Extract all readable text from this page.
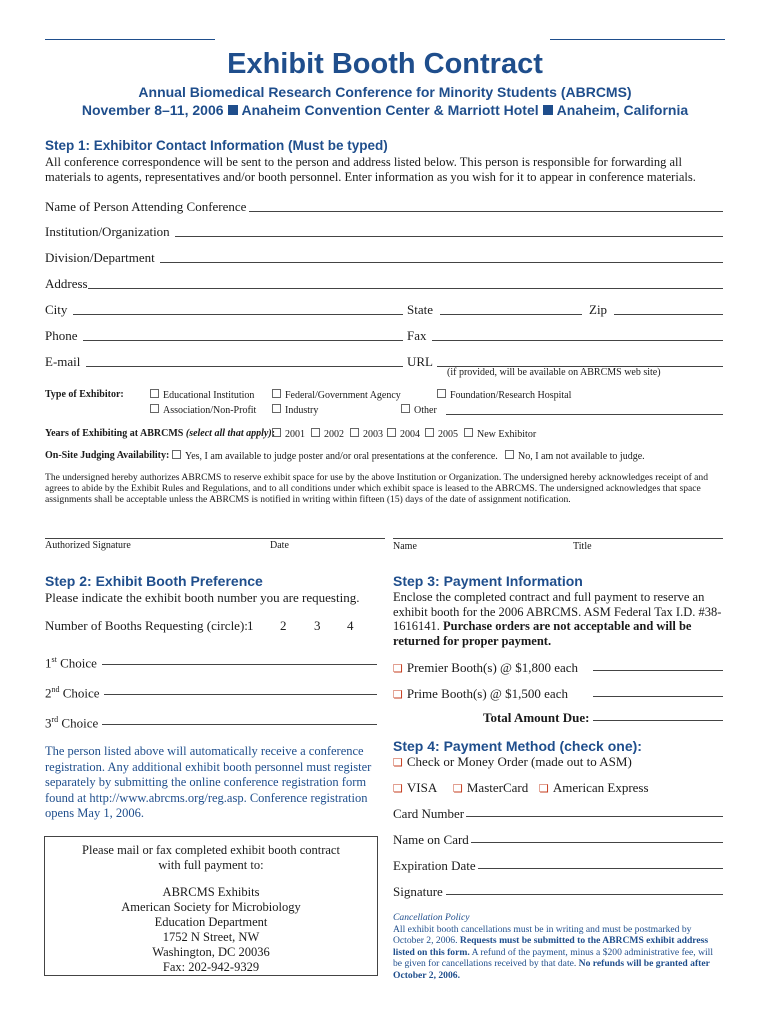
Exhibit Booth Contract
Annual Biomedical Research Conference for Minority Students (ABRCMS)
November 8–11, 2006 Anaheim Convention Center & Marriott Hotel Anaheim, California
Step 1: Exhibitor Contact Information (Must be typed)
All conference correspondence will be sent to the person and address listed below. This person is responsible for forwarding all materials to agents, representatives and/or booth personnel. Enter information as you wish for it to appear in conference materials.
Name of Person Attending Conference
Institution/Organization
Division/Department
Address
City	State	Zip
Phone	Fax
E-mail	URL
(if provided, will be available on ABRCMS web site)
Type of Exhibitor:	Educational Institution	Federal/Government Agency	Foundation/Research Hospital
Association/Non-Profit	Industry	Other
Years of Exhibiting at ABRCMS (select all that apply): 2001	2002	2003	2004	2005	New Exhibitor
On-Site Judging Availability:	Yes, I am available to judge poster and/or oral presentations at the conference.	No, I am not available to judge.
The undersigned hereby authorizes ABRCMS to reserve exhibit space for use by the above Institution or Organization. The undersigned hereby acknowledges receipt of and agrees to abide by the Exhibit Rules and Regulations, and to all conditions under which exhibit space is leased to the ABRCMS. The undersigned acknowledges that space assignments shall be acceptable unless the ABRCMS is notified in writing within fifteen (15) days of the date of assignment notification.
Authorized Signature	Date	Name	Title
Step 2: Exhibit Booth Preference
Please indicate the exhibit booth number you are requesting.
Number of Booths Requesting (circle): 1 2 3 4
1st Choice
2nd Choice
3rd Choice
The person listed above will automatically receive a conference registration. Any additional exhibit booth personnel must register separately by submitting the online conference registration form found at http://www.abrcms.org/reg.asp. Conference registration opens May 1, 2006.
Please mail or fax completed exhibit booth contract
with full payment to:
ABRCMS Exhibits
American Society for Microbiology
Education Department
1752 N Street, NW
Washington, DC 20036
Fax: 202-942-9329
Step 3: Payment Information
Enclose the completed contract and full payment to reserve an exhibit booth for the 2006 ABRCMS. ASM Federal Tax I.D. #38-1616141. Purchase orders are not acceptable and will be returned for proper payment.
❏ Premier Booth(s) @ $1,800 each
❏ Prime Booth(s) @ $1,500 each
Total Amount Due:
Step 4: Payment Method (check one):
❏ Check or Money Order (made out to ASM)
❏ VISA ❏ MasterCard ❏ American Express
Card Number
Name on Card
Expiration Date
Signature
Cancellation Policy
All exhibit booth cancellations must be in writing and must be postmarked by October 2, 2006. Requests must be submitted to the ABRCMS exhibit address listed on this form. A refund of the payment, minus a $200 administrative fee, will be given for cancellations received by that date. No refunds will be granted after October 2, 2006.
